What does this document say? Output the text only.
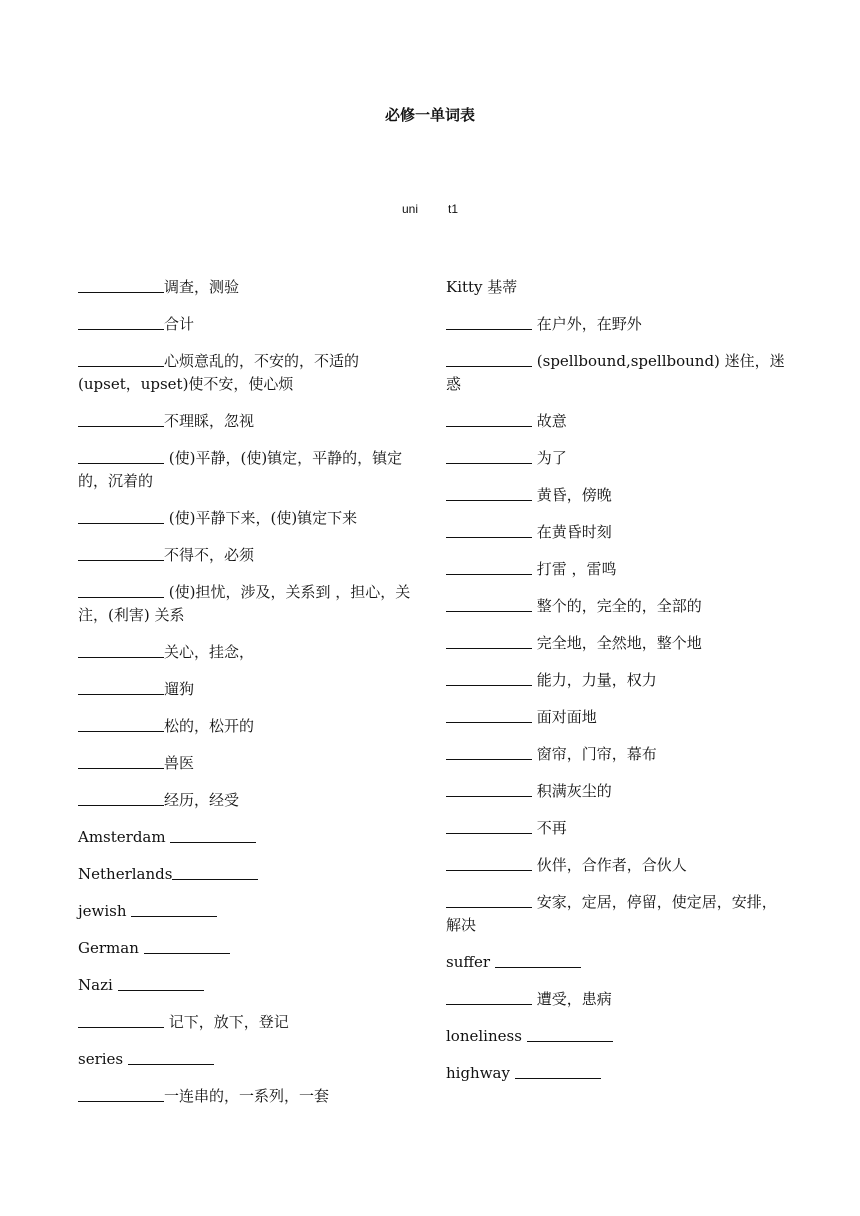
必修一单词表
uni	t1
调查，测验
合计
心烦意乱的，不安的，不适的(upset，upset)使不安，使心烦
不理睬，忽视
(使)平静，(使)镇定，平静的，镇定的，沉着的
(使)平静下来，(使)镇定下来
不得不，必须
(使)担忧，涉及，关系到 ，担心，关注，(利害) 关系
关心，挂念，
遛狗
松的，松开的
兽医
经历，经受
Amsterdam
Netherlands
jewish
German
Nazi
记下，放下，登记
series
一连串的，一系列，一套
Kitty 基蒂
在户外，在野外
(spellbound,spellbound) 迷住，迷惑
故意
为了
黄昏，傍晚
在黄昏时刻
打雷 ，雷鸣
整个的，完全的，全部的
完全地，全然地，整个地
能力，力量，权力
面对面地
窗帘，门帘，幕布
积满灰尘的
不再
伙伴，合作者，合伙人
安家，定居，停留，使定居，安排，解决
suffer
遭受，患病
loneliness
highway
